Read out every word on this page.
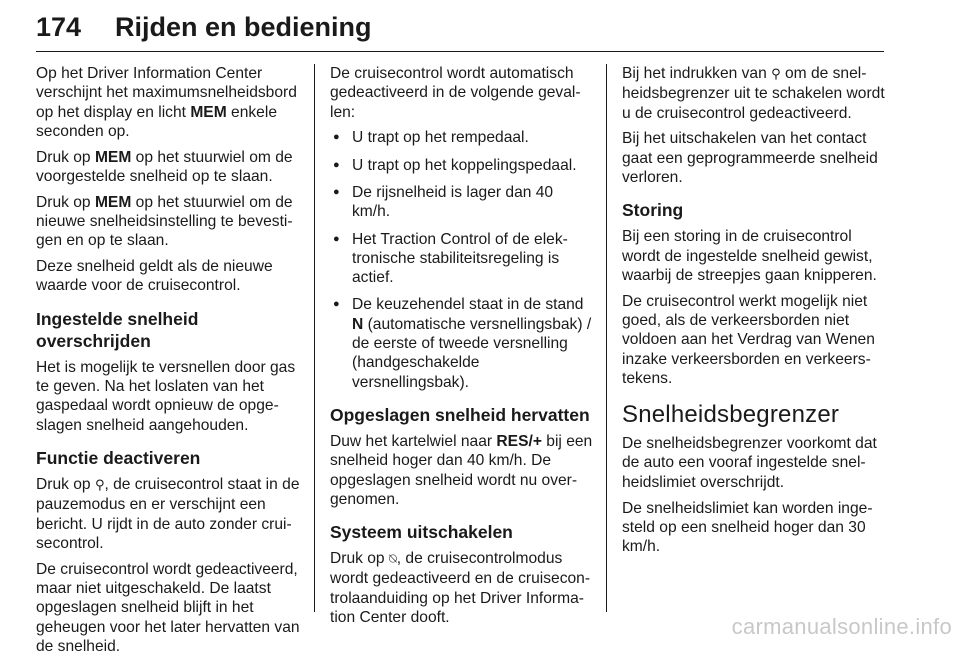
174 Rijden en bediening

Op het Driver Information Center verschijnt het maximumsnelheidsbord op het display en licht MEM enkele seconden op.

Druk op MEM op het stuurwiel om de voorgestelde snelheid op te slaan.

Druk op MEM op het stuurwiel om de nieuwe snelheidsinstelling te bevestigen en op te slaan.

Deze snelheid geldt als de nieuwe waarde voor de cruisecontrol.

Ingestelde snelheid overschrijden

Het is mogelijk te versnellen door gas te geven. Na het loslaten van het gaspedaal wordt opnieuw de opgeslagen snelheid aangehouden.

Functie deactiveren

Druk op ⚲, de cruisecontrol staat in de pauzemodus en er verschijnt een bericht. U rijdt in de auto zonder cruisecontrol.

De cruisecontrol wordt gedeactiveerd, maar niet uitgeschakeld. De laatst opgeslagen snelheid blijft in het geheugen voor het later hervatten van de snelheid.

De cruisecontrol wordt automatisch gedeactiveerd in de volgende gevallen:

● U trapt op het rempedaal.
● U trapt op het koppelingspedaal.
● De rijsnelheid is lager dan 40 km/h.
● Het Traction Control of de elektronische stabiliteitsregeling is actief.
● De keuzehendel staat in de stand N (automatische versnellingsbak) / de eerste of tweede versnelling (handgeschakelde versnellingsbak).
Opgeslagen snelheid hervatten

Duw het kartelwiel naar RES/+ bij een snelheid hoger dan 40 km/h. De opgeslagen snelheid wordt nu overgenomen.

Systeem uitschakelen

Druk op ⍉, de cruisecontrolmodus wordt gedeactiveerd en de cruisecontrolaanduiding op het Driver Information Center dooft.

Bij het indrukken van ⚲ om de snelheidsbegrenzer uit te schakelen wordt u de cruisecontrol gedeactiveerd.

Bij het uitschakelen van het contact gaat een geprogrammeerde snelheid verloren.

Storing

Bij een storing in de cruisecontrol wordt de ingestelde snelheid gewist, waarbij de streepjes gaan knipperen.

De cruisecontrol werkt mogelijk niet goed, als de verkeersborden niet voldoen aan het Verdrag van Wenen inzake verkeersborden en verkeerstekens.

Snelheidsbegrenzer

De snelheidsbegrenzer voorkomt dat de auto een vooraf ingestelde snelheidslimiet overschrijdt.

De snelheidslimiet kan worden ingesteld op een snelheid hoger dan 30 km/h.

carmanualsonline.info
